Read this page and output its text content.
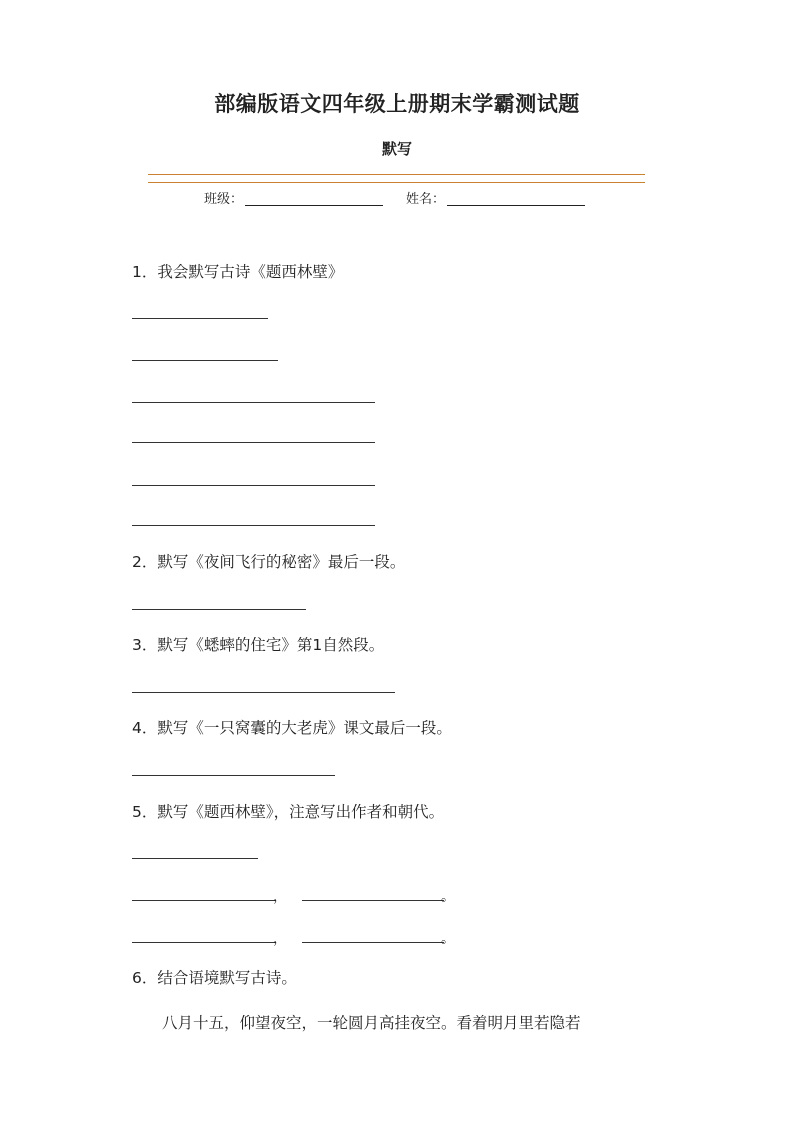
部编版语文四年级上册期末学霸测试题
默写
班级：	姓名：
1．我会默写古诗《题西林壁》
2．默写《夜间飞行的秘密》最后一段。
3．默写《蟋蟀的住宅》第1自然段。
4．默写《一只窝囊的大老虎》课文最后一段。
5．默写《题西林壁》，注意写出作者和朝代。
，	。
，	。
6．结合语境默写古诗。
八月十五，仰望夜空，一轮圆月高挂夜空。看着明月里若隐若
